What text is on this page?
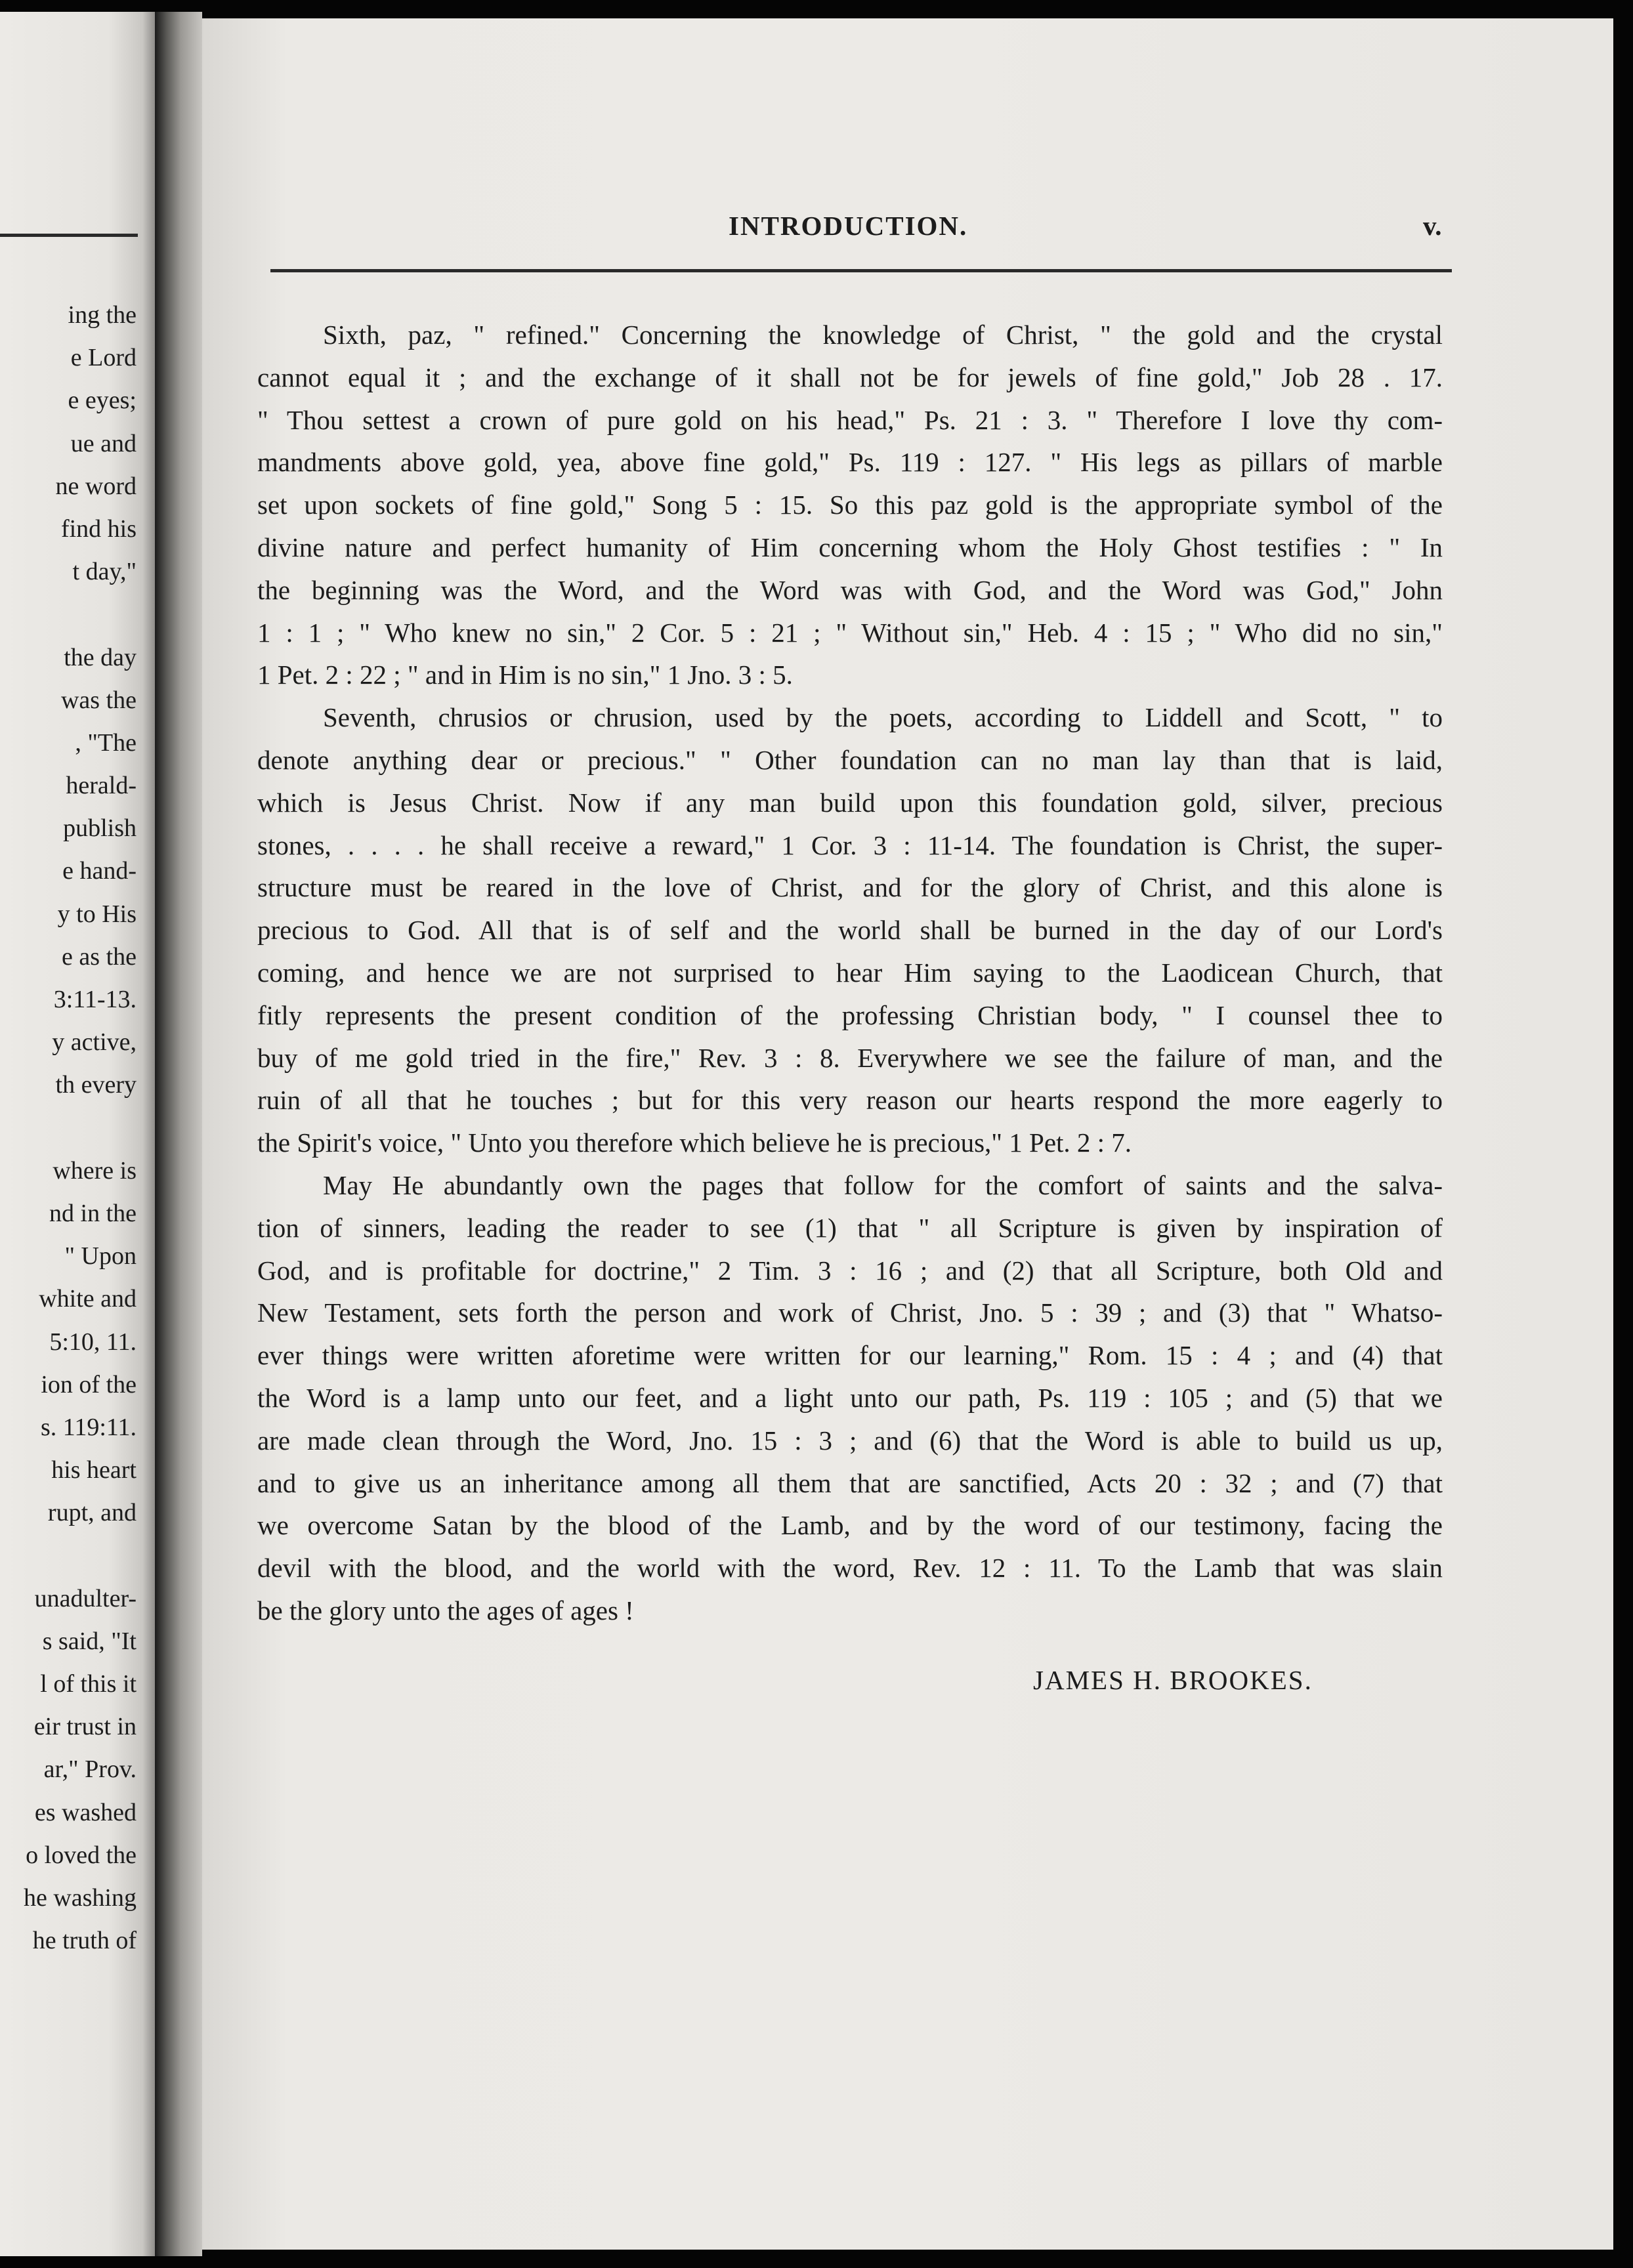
ing the
e Lord
e eyes;
ue and
ne word
find his
t day,"
the day
was the
, "The
herald-
publish
e hand-
y to His
e as the
3:11-13.
y active,
th every
where is
nd in the
" Upon
white and
5:10, 11.
ion of the
s. 119:11.
his heart
rupt, and
unadulter-
s said, "It
l of this it
eir trust in
ar," Prov.
es washed
o loved the
he washing
he truth of
INTRODUCTION.	v.
Sixth, paz, " refined." Concerning the knowledge of Christ, " the gold and the crystal
cannot equal it ; and the exchange of it shall not be for jewels of fine gold," Job 28 . 17.
" Thou settest a crown of pure gold on his head," Ps. 21 : 3. " Therefore I love thy com-
mandments above gold, yea, above fine gold," Ps. 119 : 127. " His legs as pillars of marble
set upon sockets of fine gold," Song 5 : 15. So this paz gold is the appropriate symbol of the
divine nature and perfect humanity of Him concerning whom the Holy Ghost testifies : " In
the beginning was the Word, and the Word was with God, and the Word was God," John
1 : 1 ; " Who knew no sin," 2 Cor. 5 : 21 ; " Without sin," Heb. 4 : 15 ; " Who did no sin,"
1 Pet. 2 : 22 ; " and in Him is no sin," 1 Jno. 3 : 5.
Seventh, chrusios or chrusion, used by the poets, according to Liddell and Scott, " to
denote anything dear or precious." " Other foundation can no man lay than that is laid,
which is Jesus Christ. Now if any man build upon this foundation gold, silver, precious
stones, . . . . he shall receive a reward," 1 Cor. 3 : 11-14. The foundation is Christ, the super-
structure must be reared in the love of Christ, and for the glory of Christ, and this alone is
precious to God. All that is of self and the world shall be burned in the day of our Lord's
coming, and hence we are not surprised to hear Him saying to the Laodicean Church, that
fitly represents the present condition of the professing Christian body, " I counsel thee to
buy of me gold tried in the fire," Rev. 3 : 8. Everywhere we see the failure of man, and the
ruin of all that he touches ; but for this very reason our hearts respond the more eagerly to
the Spirit's voice, " Unto you therefore which believe he is precious," 1 Pet. 2 : 7.
May He abundantly own the pages that follow for the comfort of saints and the salva-
tion of sinners, leading the reader to see (1) that " all Scripture is given by inspiration of
God, and is profitable for doctrine," 2 Tim. 3 : 16 ; and (2) that all Scripture, both Old and
New Testament, sets forth the person and work of Christ, Jno. 5 : 39 ; and (3) that " Whatso-
ever things were written aforetime were written for our learning," Rom. 15 : 4 ; and (4) that
the Word is a lamp unto our feet, and a light unto our path, Ps. 119 : 105 ; and (5) that we
are made clean through the Word, Jno. 15 : 3 ; and (6) that the Word is able to build us up,
and to give us an inheritance among all them that are sanctified, Acts 20 : 32 ; and (7) that
we overcome Satan by the blood of the Lamb, and by the word of our testimony, facing the
devil with the blood, and the world with the word, Rev. 12 : 11. To the Lamb that was slain
be the glory unto the ages of ages !
JAMES H. BROOKES.
